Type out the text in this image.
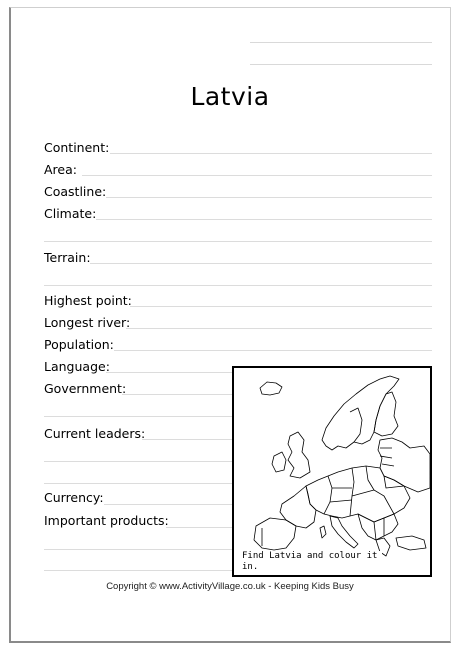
Latvia
Continent:
Area:
Coastline:
Climate:
Terrain:
Highest point:
Longest river:
Population:
Language:
Government:
Current leaders:
Currency:
Important products:
Find Latvia and colour it in.
Copyright © www.ActivityVillage.co.uk - Keeping Kids Busy
